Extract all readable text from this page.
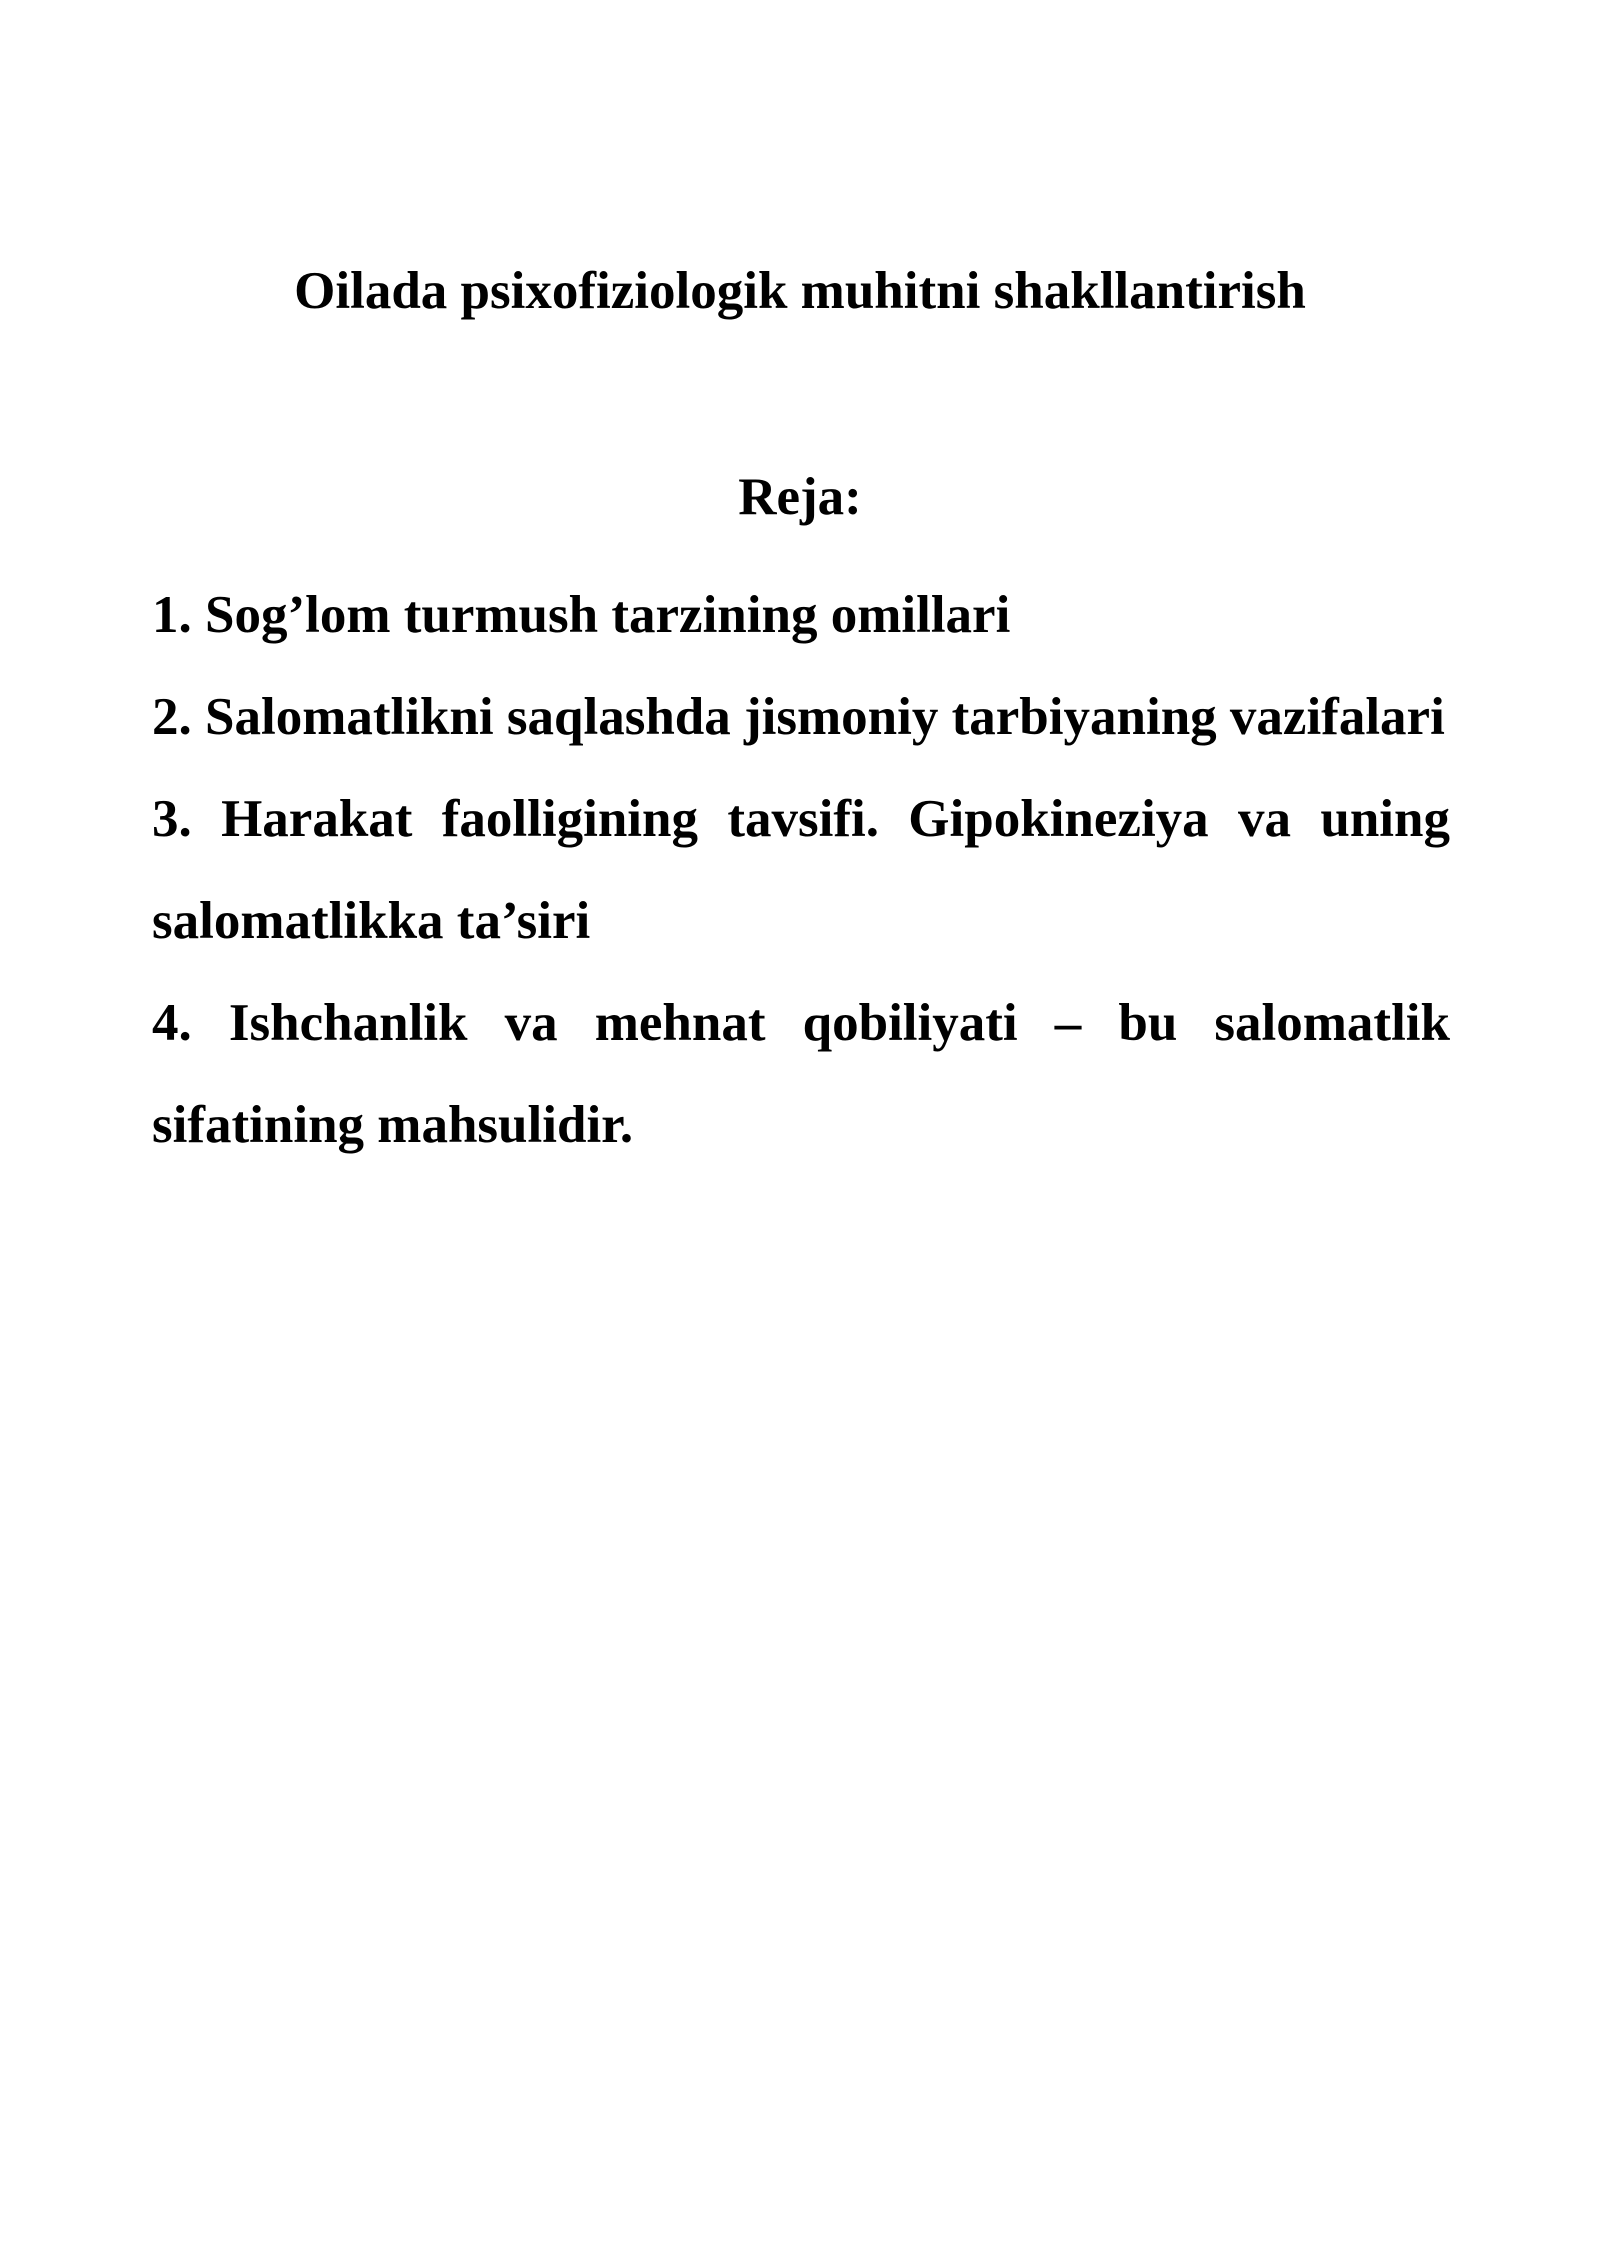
Oilada psixofiziologik muhitni shakllantirish
Reja:
1. Sog’lom turmush tarzining omillari
2. Salomatlikni saqlashda jismoniy tarbiyaning vazifalari
3. Harakat faolligining tavsifi. Gipokineziya va uning salomatlikka ta’siri
4. Ishchanlik va mehnat qobiliyati – bu salomatlik sifatining mahsulidir.
